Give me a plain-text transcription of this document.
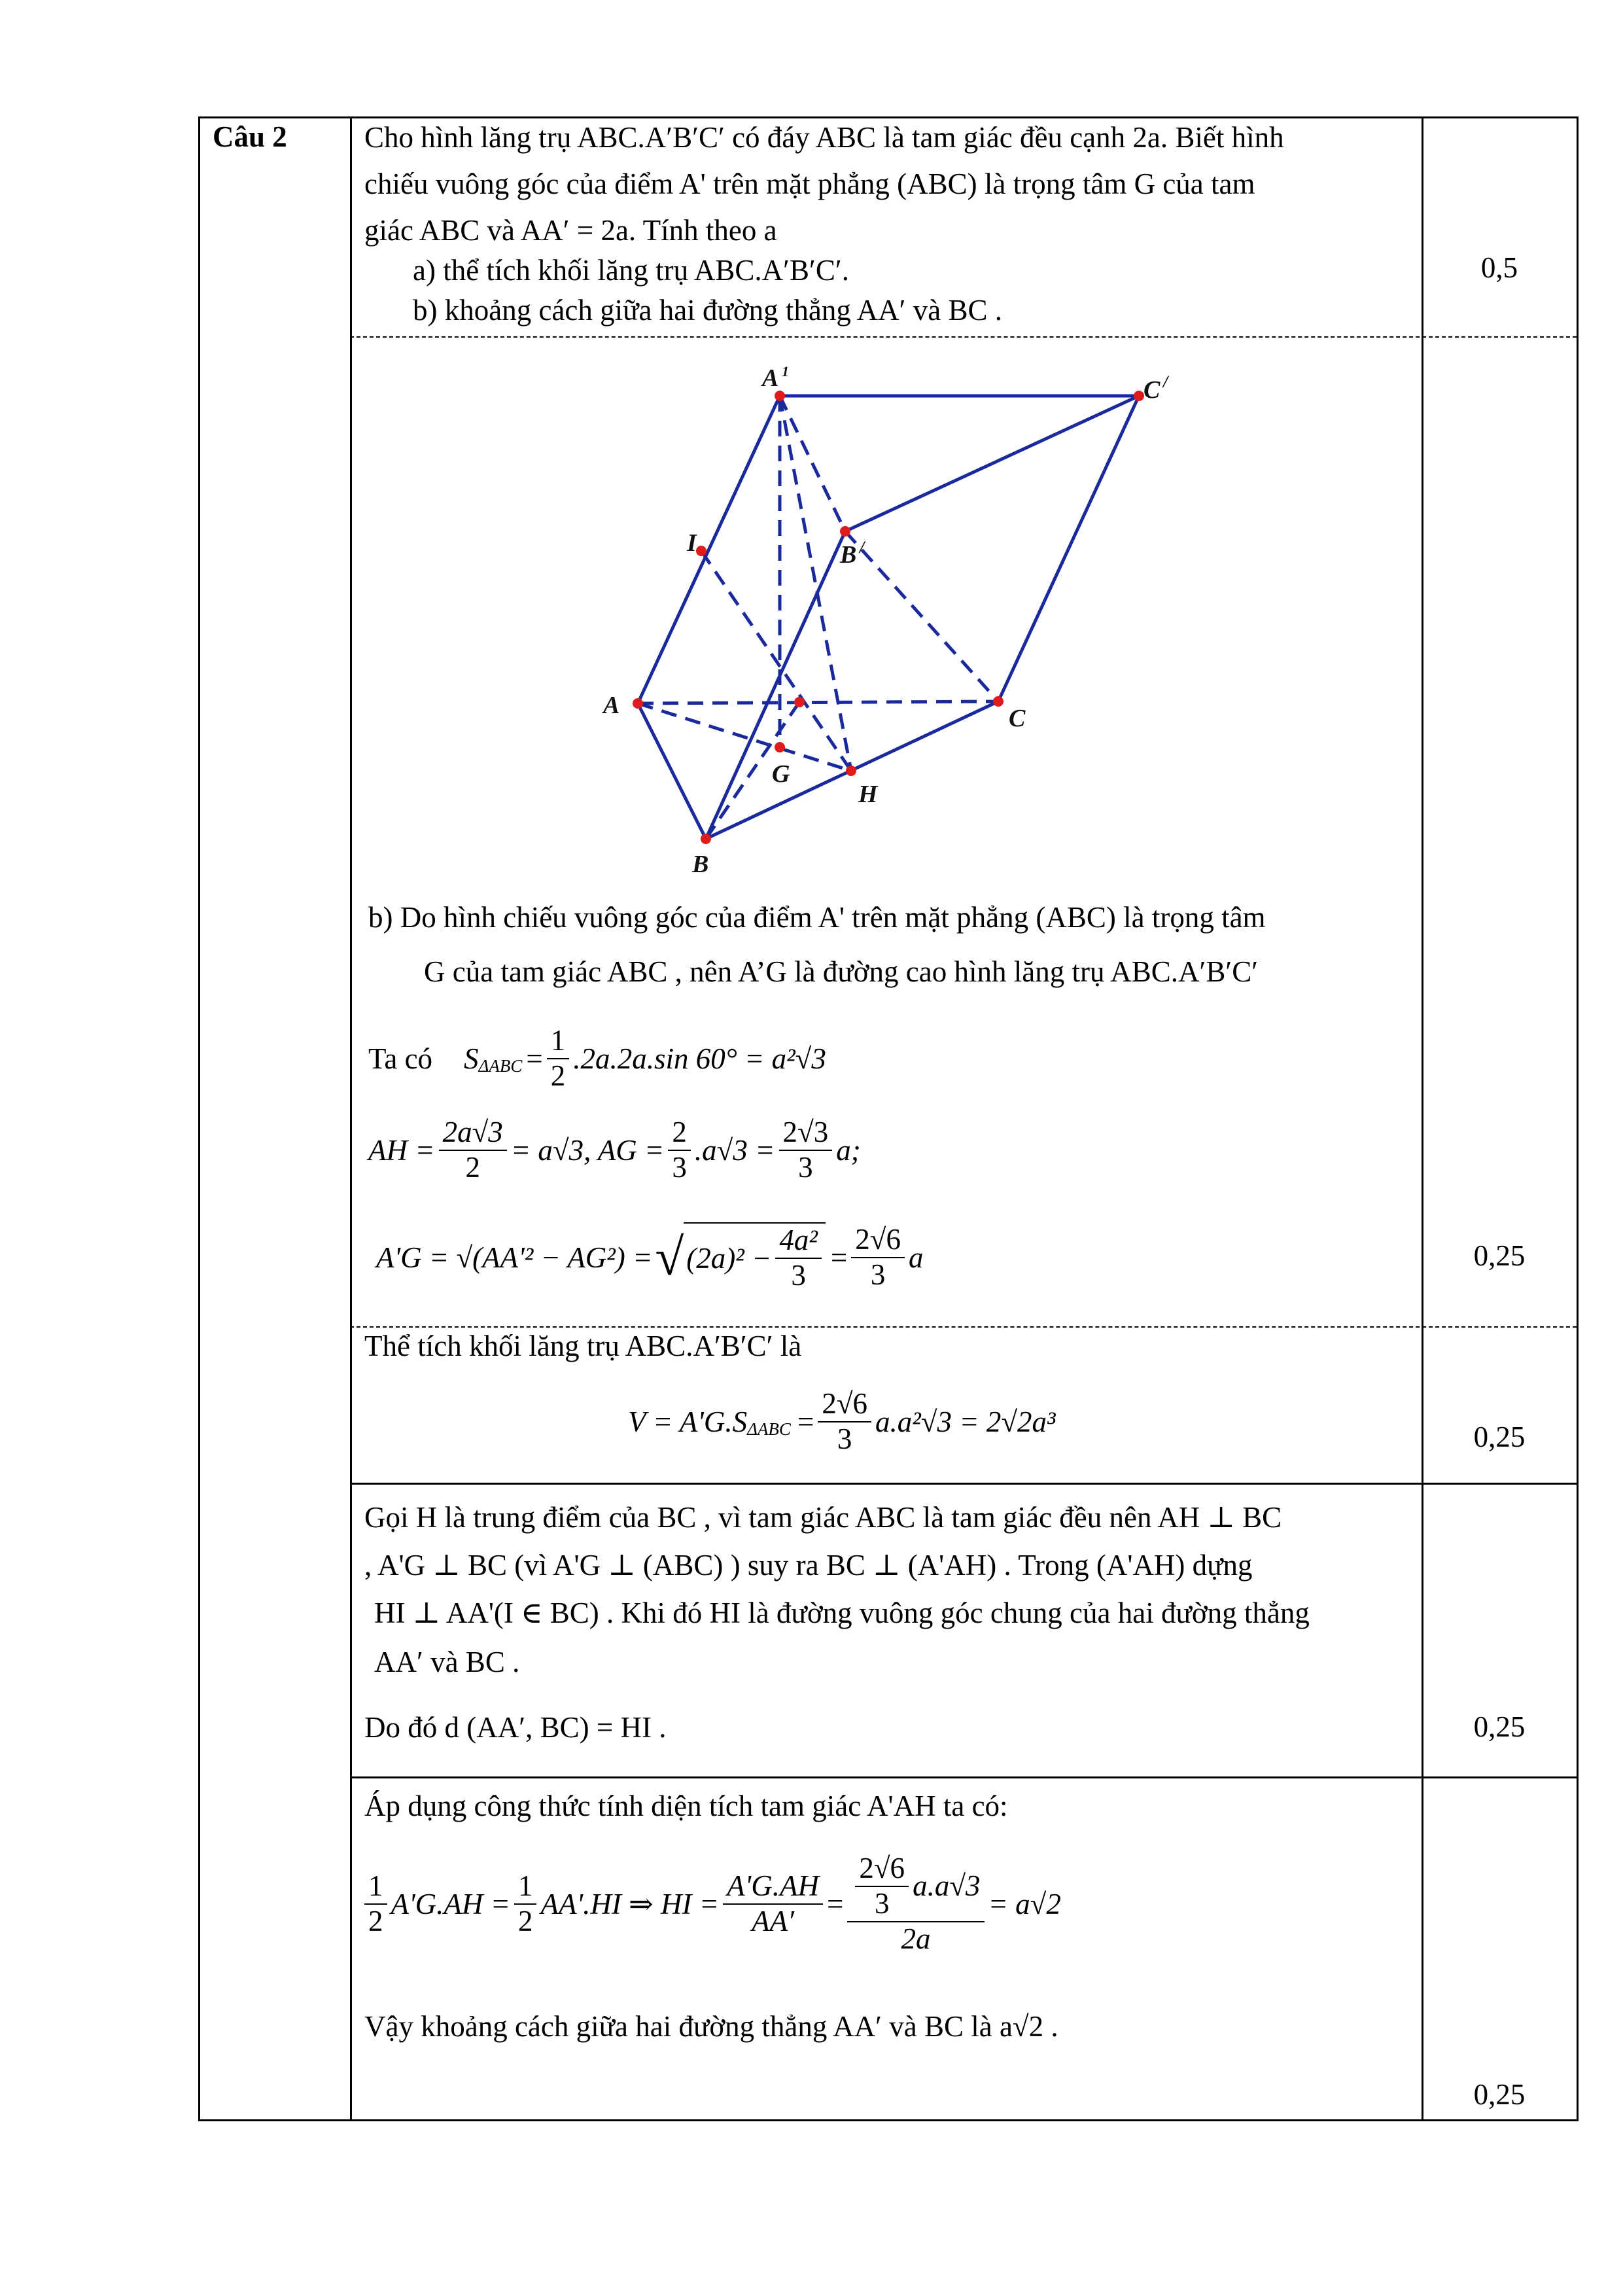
Câu 2	Cho hình lăng trụ ABC.A′B′C′ có đáy ABC là tam giác đều cạnh 2a. Biết hình
chiếu vuông góc của điểm A' trên mặt phẳng (ABC) là trọng tâm G của tam
giác ABC và AA′ = 2a. Tính theo a
a) thể tích khối lăng trụ ABC.A′B′C′.
b) khoảng cách giữa hai đường thẳng AA′ và BC .
0,5
A 1
C /
B /
I
A	C
G
H
B
b) Do hình chiếu vuông góc của điểm A' trên mặt phẳng (ABC) là trọng tâm
G của tam giác ABC , nên A’G là đường cao hình lăng trụ ABC.A′B′C′
Ta có $S_{\Delta ABC} = \frac{1}{2} .2a.2a.\sin$ 60° = a²√3
AH = $\frac{2a√3}{2} = a√3$, AG = $\frac{2}{3} .a√3 = \frac{2√3}{3} a$;
A'G = √(AA'² − AG²) = √ $(2a)^2 - \frac{\text{4a²}}{3} = \frac{2√6}{3}$ a	0,25
Thể tích khối lăng trụ ABC.A′B′C′ là
$V = A'G.S_{\Delta ABC} = \frac{2√6}{3} a.a^2√3 = 2√2a^3$	0,25
Gọi H là trung điểm của BC , vì tam giác ABC là tam giác đều nên AH ⊥ BC
, A'G ⊥ BC (vì A'G ⊥ (ABC) ) suy ra BC ⊥ (A'AH) . Trong (A'AH) dựng
HI ⊥ AA'(I ∈ BC) . Khi đó HI là đường vuông góc chung của hai đường thẳng
AA′ và BC .
Do đó d (AA′, BC) = HI .	0,25
Áp dụng công thức tính diện tích tam giác A'AH ta có:
$\frac{1}{2} A'G.AH = \frac{1}{2} AA'.HI$ ⇒ HI = $\frac{A'G.AH}{AA'} = \frac{\frac{2√6}{3} a.a√3}{2a} = a√2$
Vậy khoảng cách giữa hai đường thẳng AA′ và BC là a√2 .
0,25
